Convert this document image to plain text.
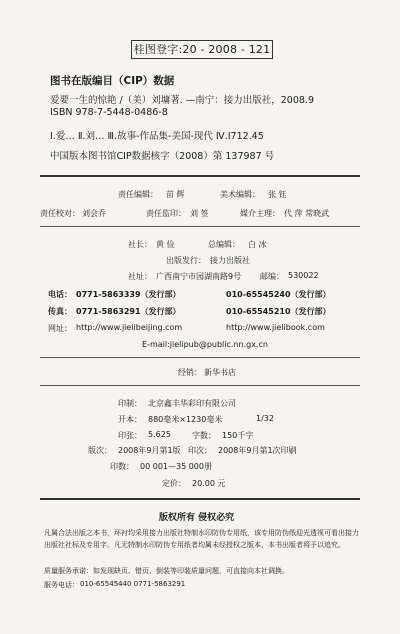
桂图登字:20 - 2008 - 121
图书在版编目（CIP）数据
爱要一生的惊艳 /（美）刘墉著. —南宁：接力出版社，2008.9
ISBN 978-7-5448-0486-8
Ⅰ.爱… Ⅱ.刘… Ⅲ.故事-作品集-美国-现代 Ⅳ.I712.45
中国版本图书馆CIP数据核字（2008）第 137987 号
责任编辑： 苗 辉	美术编辑： 张 钰
责任校对： 刘会乔	责任监印： 刘 签	媒介主理： 代 萍 常晓武
社长： 黄 俭	总编辑： 白 冰
出版发行： 接力出版社
社址： 广西南宁市园湖南路9号 邮编： 530022
电话： 0771-5863339（发行部）	010-65545240（发行部）
传真： 0771-5863291（发行部）	010-65545210（发行部）
网址： http://www.jielibeijing.com	http://www.jielibook.com
E-mail:jielipub@public.nn.gx.cn
经销： 新华书店
印制： 北京鑫丰华彩印有限公司
开本： 880毫米×1230毫米	1/32
印张： 5.625	字数： 150千字
版次： 2008年9月第1版 印次： 2008年9月第1次印刷
印数： 00 001—35 000册
定价： 20.00 元
版权所有 侵权必究
凡属合法出版之本书，环衬均采用接力出版社特制水印防伪专用纸，该专用防伪纸迎光透视可看出接力出版社社标及专用字。凡无特制水印防伪专用纸者均属未经授权之版本，本书出版者将予以追究。
质量服务承诺：如发现缺页、错页、倒装等印装质量问题，可直接向本社调换。
服务电话： 010-65545440 0771-5863291
